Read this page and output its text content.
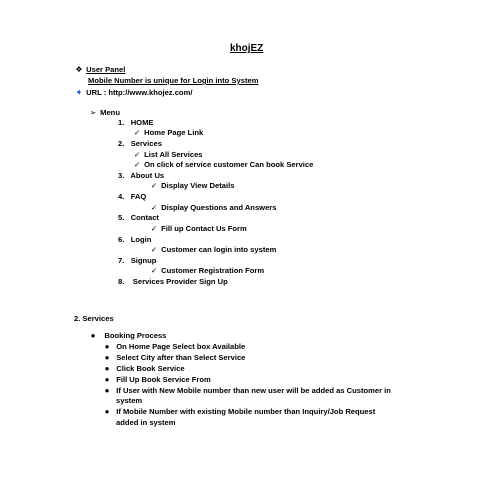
khojEZ
❖ User Panel
Mobile Number is unique for Login into System
➧ URL : http://www.khojez.com/
➢ Menu
1. HOME
✓ Home Page Link
2. Services
✓ List All Services
✓ On click of service customer Can book Service
3. About Us
✓ Display View Details
4. FAQ
✓ Display Questions and Answers
5. Contact
✓ Fill up Contact Us Form
6. Login
✓ Customer can login into system
7. Signup
✓ Customer Registration Form
8. Services Provider Sign Up
2. Services
● Booking Process
● On Home Page Select box Available
● Select City after than Select Service
● Click Book Service
● Fill Up Book Service From
● If User with New Mobile number than new user will be added as Customer in
system
● If Mobile Number with existing Mobile number than Inquiry/Job Request
added in system
